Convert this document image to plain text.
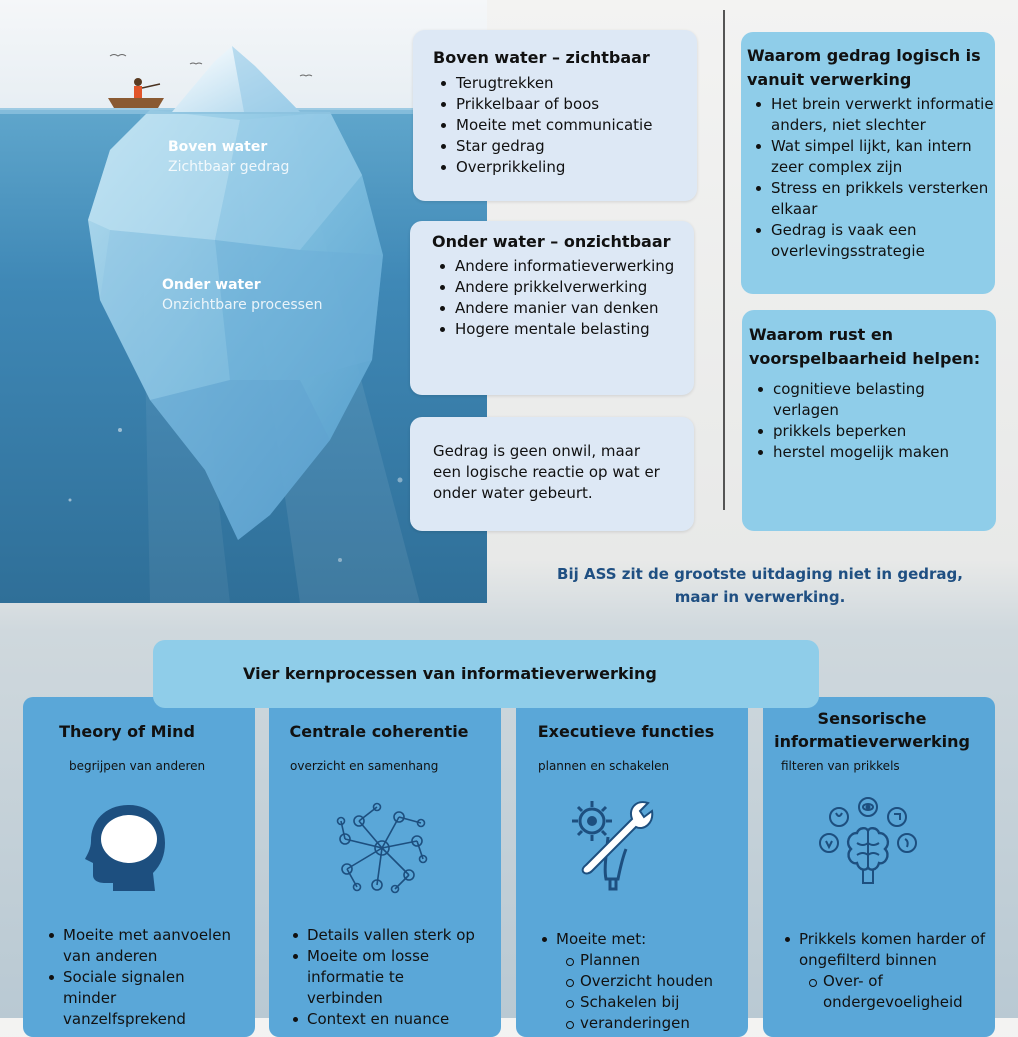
Boven water
Zichtbaar gedrag
Onder water
Onzichtbare processen
Boven water – zichtbaar
Terugtrekken
Prikkelbaar of boos
Moeite met communicatie
Star gedrag
Overprikkeling
Onder water – onzichtbaar
Andere informatieverwerking
Andere prikkelverwerking
Andere manier van denken
Hogere mentale belasting
Gedrag is geen onwil, maar
een logische reactie op wat er
onder water gebeurt.
Waarom gedrag logisch is
vanuit verwerking
Het brein verwerkt informatie
anders, niet slechter
Wat simpel lijkt, kan intern
zeer complex zijn
Stress en prikkels versterken
elkaar
Gedrag is vaak een
overlevingsstrategie
Waarom rust en
voorspelbaarheid helpen:
cognitieve belasting
verlagen
prikkels beperken
herstel mogelijk maken
Bij ASS zit de grootste uitdaging niet in gedrag,
maar in verwerking.
Theory of Mind
begrijpen van anderen
Moeite met aanvoelen
van anderen
Sociale signalen
minder
vanzelfsprekend
Centrale coherentie
overzicht en samenhang
Details vallen sterk op
Moeite om losse
informatie te
verbinden
Context en nuance
Executieve functies
plannen en schakelen
Moeite met:
Plannen
Overzicht houden
Schakelen bij
veranderingen
Sensorische
informatieverwerking
filteren van prikkels
Prikkels komen harder of
ongefilterd binnen
Over- of
ondergevoeligheid
Vier kernprocessen van informatieverwerking
